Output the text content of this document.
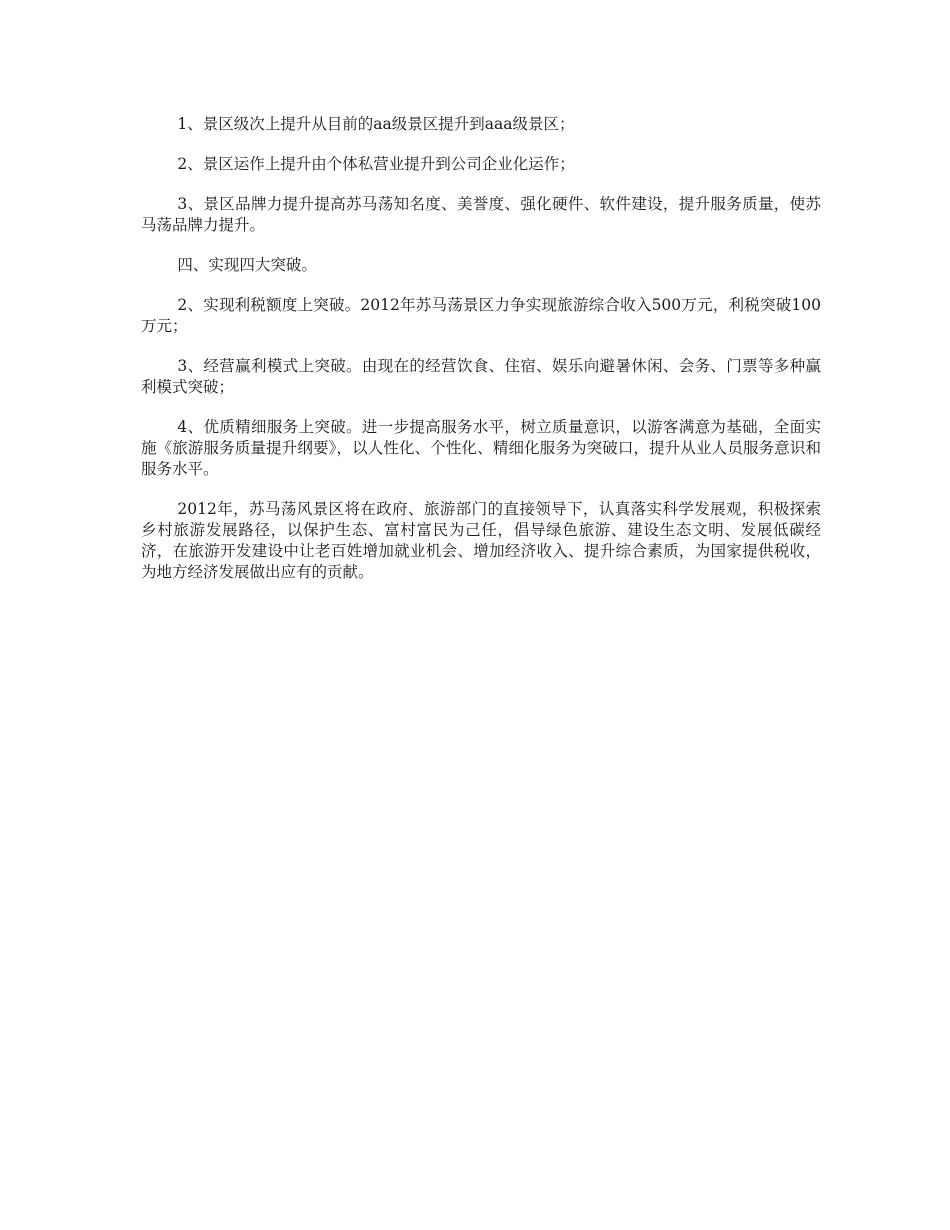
1、景区级次上提升从目前的aa级景区提升到aaa级景区；

2、景区运作上提升由个体私营业提升到公司企业化运作；

3、景区品牌力提升提高苏马荡知名度、美誉度、强化硬件、软件建设，提升服务质量，使苏马荡品牌力提升。

四、实现四大突破。

2、实现利税额度上突破。2012年苏马荡景区力争实现旅游综合收入500万元，利税突破100万元；

3、经营赢利模式上突破。由现在的经营饮食、住宿、娱乐向避暑休闲、会务、门票等多种赢利模式突破；

4、优质精细服务上突破。进一步提高服务水平，树立质量意识，以游客满意为基础，全面实施《旅游服务质量提升纲要》，以人性化、个性化、精细化服务为突破口，提升从业人员服务意识和服务水平。

2012年，苏马荡风景区将在政府、旅游部门的直接领导下，认真落实科学发展观，积极探索乡村旅游发展路径，以保护生态、富村富民为己任，倡导绿色旅游、建设生态文明、发展低碳经济，在旅游开发建设中让老百姓增加就业机会、增加经济收入、提升综合素质，为国家提供税收，为地方经济发展做出应有的贡献。
